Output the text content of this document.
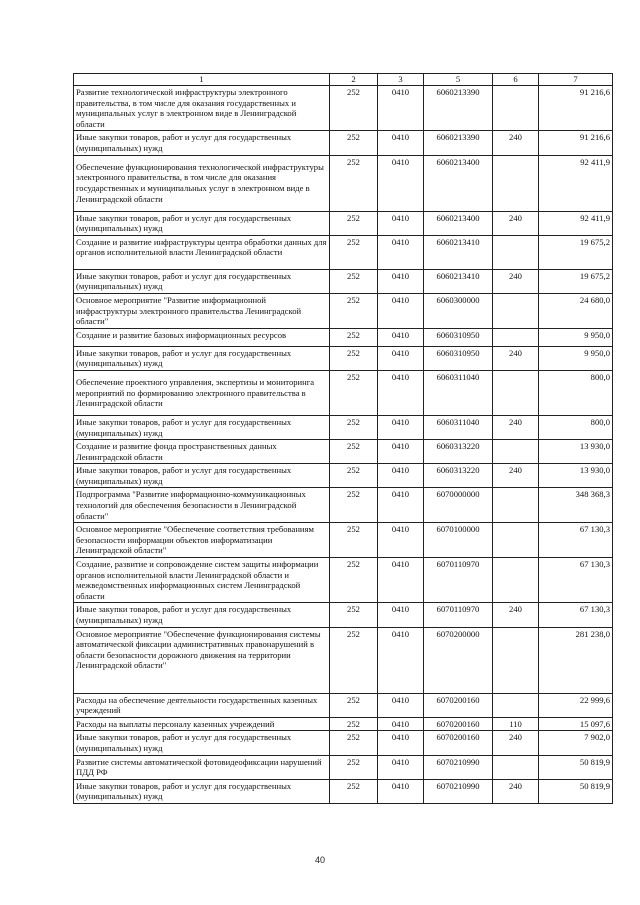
1	2	3	5	6	7
Развитие технологической инфраструктуры электронного правительства, в том числе для оказания государственных и муниципальных услуг в электронном виде в Ленинградской области	252	0410	6060213390		91 216,6
Иные закупки товаров, работ и услуг для государственных (муниципальных) нужд	252	0410	6060213390	240	91 216,6
Обеспечение функционирования технологической инфраструктуры электронного правительства, в том числе для оказания государственных и муниципальных услуг в электронном виде в Ленинградской области	252	0410	6060213400		92 411,9
Иные закупки товаров, работ и услуг для государственных (муниципальных) нужд	252	0410	6060213400	240	92 411,9
Создание и развитие инфраструктуры центра обработки данных для органов исполнительной власти Ленинградской области	252	0410	6060213410		19 675,2
Иные закупки товаров, работ и услуг для государственных (муниципальных) нужд	252	0410	6060213410	240	19 675,2
Основное мероприятие "Развитие информационной инфраструктуры электронного правительства Ленинградской области"	252	0410	6060300000		24 680,0
Создание и развитие базовых информационных ресурсов	252	0410	6060310950		9 950,0
Иные закупки товаров, работ и услуг для государственных (муниципальных) нужд	252	0410	6060310950	240	9 950,0
Обеспечение проектного управления, экспертизы и мониторинга мероприятий по формированию электронного правительства в Ленинградской области	252	0410	6060311040		800,0
Иные закупки товаров, работ и услуг для государственных (муниципальных) нужд	252	0410	6060311040	240	800,0
Создание и развитие фонда пространственных данных Ленинградской области	252	0410	6060313220		13 930,0
Иные закупки товаров, работ и услуг для государственных (муниципальных) нужд	252	0410	6060313220	240	13 930,0
Подпрограмма "Развитие информационно-коммуникационных технологий для обеспечения безопасности в Ленинградской области"	252	0410	6070000000		348 368,3
Основное мероприятие "Обеспечение соответствия требованиям безопасности информации объектов информатизации Ленинградской области"	252	0410	6070100000		67 130,3
Создание, развитие и сопровождение систем защиты информации органов исполнительной власти Ленинградской области и межведомственных информационных систем Ленинградской области	252	0410	6070110970		67 130,3
Иные закупки товаров, работ и услуг для государственных (муниципальных) нужд	252	0410	6070110970	240	67 130,3
Основное мероприятие "Обеспечение функционирования системы автоматической фиксации административных правонарушений в области безопасности дорожного движения на территории Ленинградской области"	252	0410	6070200000		281 238,0
Расходы на обеспечение деятельности государственных казенных учреждений	252	0410	6070200160		22 999,6
Расходы на выплаты персоналу казенных учреждений	252	0410	6070200160	110	15 097,6
Иные закупки товаров, работ и услуг для государственных (муниципальных) нужд	252	0410	6070200160	240	7 902,0
Развитие системы автоматической фотовидеофиксации нарушений ПДД РФ	252	0410	6070210990		50 819,9
Иные закупки товаров, работ и услуг для государственных (муниципальных) нужд	252	0410	6070210990	240	50 819,9
40
